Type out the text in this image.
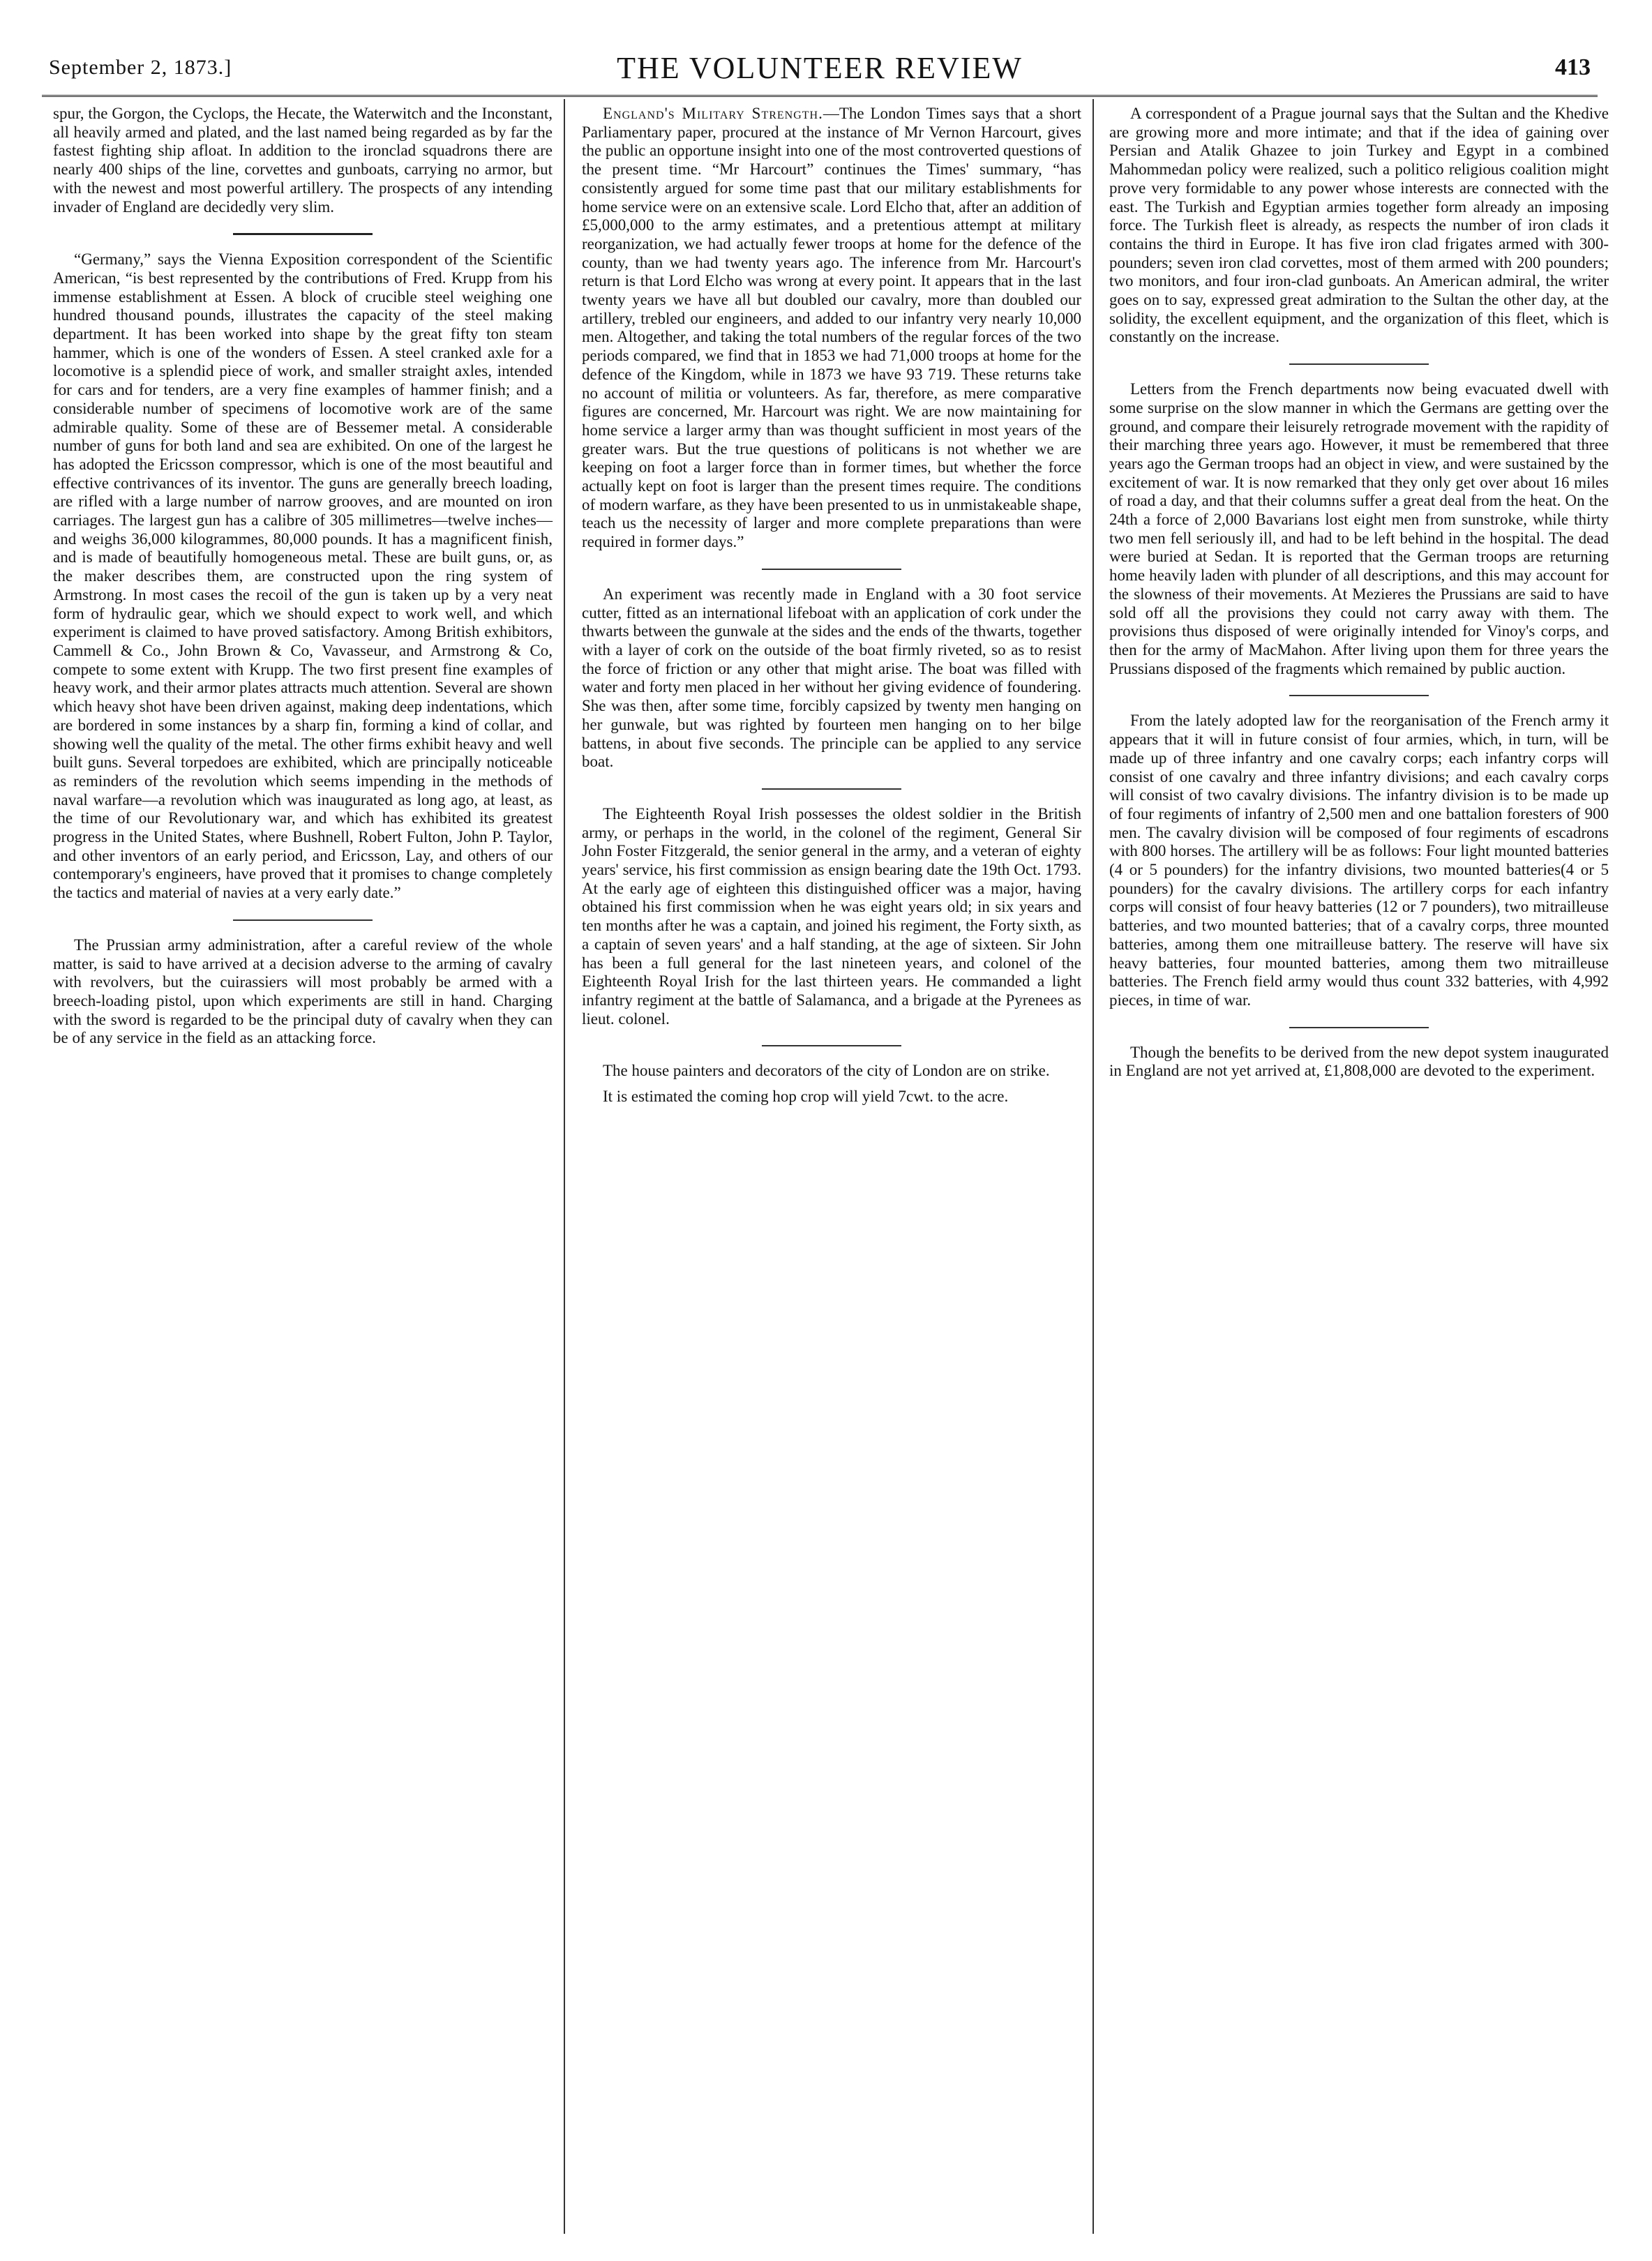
September 2, 1873.]	THE VOLUNTEER REVIEW	413

spur, the Gorgon, the Cyclops, the Hecate, the Waterwitch and the Inconstant, all heavily armed and plated, and the last named being regarded as by far the fastest fighting ship afloat. In addition to the ironclad squadrons there are nearly 400 ships of the line, corvettes and gunboats, carrying no armor, but with the newest and most powerful artillery. The prospects of any intending invader of England are decidedly very slim.

“Germany,” says the Vienna Exposition correspondent of the Scientific American, “is best represented by the contributions of Fred. Krupp from his immense establishment at Essen. A block of crucible steel weighing one hundred thousand pounds, illustrates the capacity of the steel making department. It has been worked into shape by the great fifty ton steam hammer, which is one of the wonders of Essen. A steel cranked axle for a locomotive is a splendid piece of work, and smaller straight axles, intended for cars and for tenders, are a very fine examples of hammer finish; and a considerable number of specimens of locomotive work are of the same admirable quality. Some of these are of Bessemer metal. A considerable number of guns for both land and sea are exhibited. On one of the largest he has adopted the Ericsson compressor, which is one of the most beautiful and effective contrivances of its inventor. The guns are generally breech loading, are rifled with a large number of narrow grooves, and are mounted on iron carriages. The largest gun has a calibre of 305 millimetres—twelve inches—and weighs 36,000 kilogrammes, 80,000 pounds. It has a magnificent finish, and is made of beautifully homogeneous metal. These are built guns, or, as the maker describes them, are constructed upon the ring system of Armstrong. In most cases the recoil of the gun is taken up by a very neat form of hydraulic gear, which we should expect to work well, and which experiment is claimed to have proved satisfactory. Among British exhibitors, Cammell & Co., John Brown & Co, Vavasseur, and Armstrong & Co, compete to some extent with Krupp. The two first present fine examples of heavy work, and their armor plates attracts much attention. Several are shown which heavy shot have been driven against, making deep indentations, which are bordered in some instances by a sharp fin, forming a kind of collar, and showing well the quality of the metal. The other firms exhibit heavy and well built guns. Several torpedoes are exhibited, which are principally noticeable as reminders of the revolution which seems impending in the methods of naval warfare—a revolution which was inaugurated as long ago, at least, as the time of our Revolutionary war, and which has exhibited its greatest progress in the United States, where Bushnell, Robert Fulton, John P. Taylor, and other inventors of an early period, and Ericsson, Lay, and others of our contemporary's engineers, have proved that it promises to change completely the tactics and material of navies at a very early date.”

The Prussian army administration, after a careful review of the whole matter, is said to have arrived at a decision adverse to the arming of cavalry with revolvers, but the cuirassiers will most probably be armed with a breech-loading pistol, upon which experiments are still in hand. Charging with the sword is regarded to be the principal duty of cavalry when they can be of any service in the field as an attacking force.

England's Military Strength.—The London Times says that a short Parliamentary paper, procured at the instance of Mr Vernon Harcourt, gives the public an opportune insight into one of the most controverted questions of the present time. “Mr Harcourt” continues the Times' summary, “has consistently argued for some time past that our military establishments for home service were on an extensive scale. Lord Elcho that, after an addition of £5,000,000 to the army estimates, and a pretentious attempt at military reorganization, we had actually fewer troops at home for the defence of the county, than we had twenty years ago. The inference from Mr. Harcourt's return is that Lord Elcho was wrong at every point. It appears that in the last twenty years we have all but doubled our cavalry, more than doubled our artillery, trebled our engineers, and added to our infantry very nearly 10,000 men. Altogether, and taking the total numbers of the regular forces of the two periods compared, we find that in 1853 we had 71,000 troops at home for the defence of the Kingdom, while in 1873 we have 93 719. These returns take no account of militia or volunteers. As far, therefore, as mere comparative figures are concerned, Mr. Harcourt was right. We are now maintaining for home service a larger army than was thought sufficient in most years of the greater wars. But the true questions of politicans is not whether we are keeping on foot a larger force than in former times, but whether the force actually kept on foot is larger than the present times require. The conditions of modern warfare, as they have been presented to us in unmistakeable shape, teach us the necessity of larger and more complete preparations than were required in former days.”

An experiment was recently made in England with a 30 foot service cutter, fitted as an international lifeboat with an application of cork under the thwarts between the gunwale at the sides and the ends of the thwarts, together with a layer of cork on the outside of the boat firmly riveted, so as to resist the force of friction or any other that might arise. The boat was filled with water and forty men placed in her without her giving evidence of foundering. She was then, after some time, forcibly capsized by twenty men hanging on her gunwale, but was righted by fourteen men hanging on to her bilge battens, in about five seconds. The principle can be applied to any service boat.

The Eighteenth Royal Irish possesses the oldest soldier in the British army, or perhaps in the world, in the colonel of the regiment, General Sir John Foster Fitzgerald, the senior general in the army, and a veteran of eighty years' service, his first commission as ensign bearing date the 19th Oct. 1793. At the early age of eighteen this distinguished officer was a major, having obtained his first commission when he was eight years old; in six years and ten months after he was a captain, and joined his regiment, the Forty sixth, as a captain of seven years' and a half standing, at the age of sixteen. Sir John has been a full general for the last nineteen years, and colonel of the Eighteenth Royal Irish for the last thirteen years. He commanded a light infantry regiment at the battle of Salamanca, and a brigade at the Pyrenees as lieut. colonel.

The house painters and decorators of the city of London are on strike.

It is estimated the coming hop crop will yield 7cwt. to the acre.

A correspondent of a Prague journal says that the Sultan and the Khedive are growing more and more intimate; and that if the idea of gaining over Persian and Atalik Ghazee to join Turkey and Egypt in a combined Mahommedan policy were realized, such a politico religious coalition might prove very formidable to any power whose interests are connected with the east. The Turkish and Egyptian armies together form already an imposing force. The Turkish fleet is already, as respects the number of iron clads it contains the third in Europe. It has five iron clad frigates armed with 300-pounders; seven iron clad corvettes, most of them armed with 200 pounders; two monitors, and four iron-clad gunboats. An American admiral, the writer goes on to say, expressed great admiration to the Sultan the other day, at the solidity, the excellent equipment, and the organization of this fleet, which is constantly on the increase.

Letters from the French departments now being evacuated dwell with some surprise on the slow manner in which the Germans are getting over the ground, and compare their leisurely retrograde movement with the rapidity of their marching three years ago. However, it must be remembered that three years ago the German troops had an object in view, and were sustained by the excitement of war. It is now remarked that they only get over about 16 miles of road a day, and that their columns suffer a great deal from the heat. On the 24th a force of 2,000 Bavarians lost eight men from sunstroke, while thirty two men fell seriously ill, and had to be left behind in the hospital. The dead were buried at Sedan. It is reported that the German troops are returning home heavily laden with plunder of all descriptions, and this may account for the slowness of their movements. At Mezieres the Prussians are said to have sold off all the provisions they could not carry away with them. The provisions thus disposed of were originally intended for Vinoy's corps, and then for the army of MacMahon. After living upon them for three years the Prussians disposed of the fragments which remained by public auction.

From the lately adopted law for the reorganisation of the French army it appears that it will in future consist of four armies, which, in turn, will be made up of three infantry and one cavalry corps; each infantry corps will consist of one cavalry and three infantry divisions; and each cavalry corps will consist of two cavalry divisions. The infantry division is to be made up of four regiments of infantry of 2,500 men and one battalion foresters of 900 men. The cavalry division will be composed of four regiments of escadrons with 800 horses. The artillery will be as follows: Four light mounted batteries (4 or 5 pounders) for the infantry divisions, two mounted batteries(4 or 5 pounders) for the cavalry divisions. The artillery corps for each infantry corps will consist of four heavy batteries (12 or 7 pounders), two mitrailleuse batteries, and two mounted batteries; that of a cavalry corps, three mounted batteries, among them one mitrailleuse battery. The reserve will have six heavy batteries, four mounted batteries, among them two mitrailleuse batteries. The French field army would thus count 332 batteries, with 4,992 pieces, in time of war.

Though the benefits to be derived from the new depot system inaugurated in England are not yet arrived at, £1,808,000 are devoted to the experiment.
